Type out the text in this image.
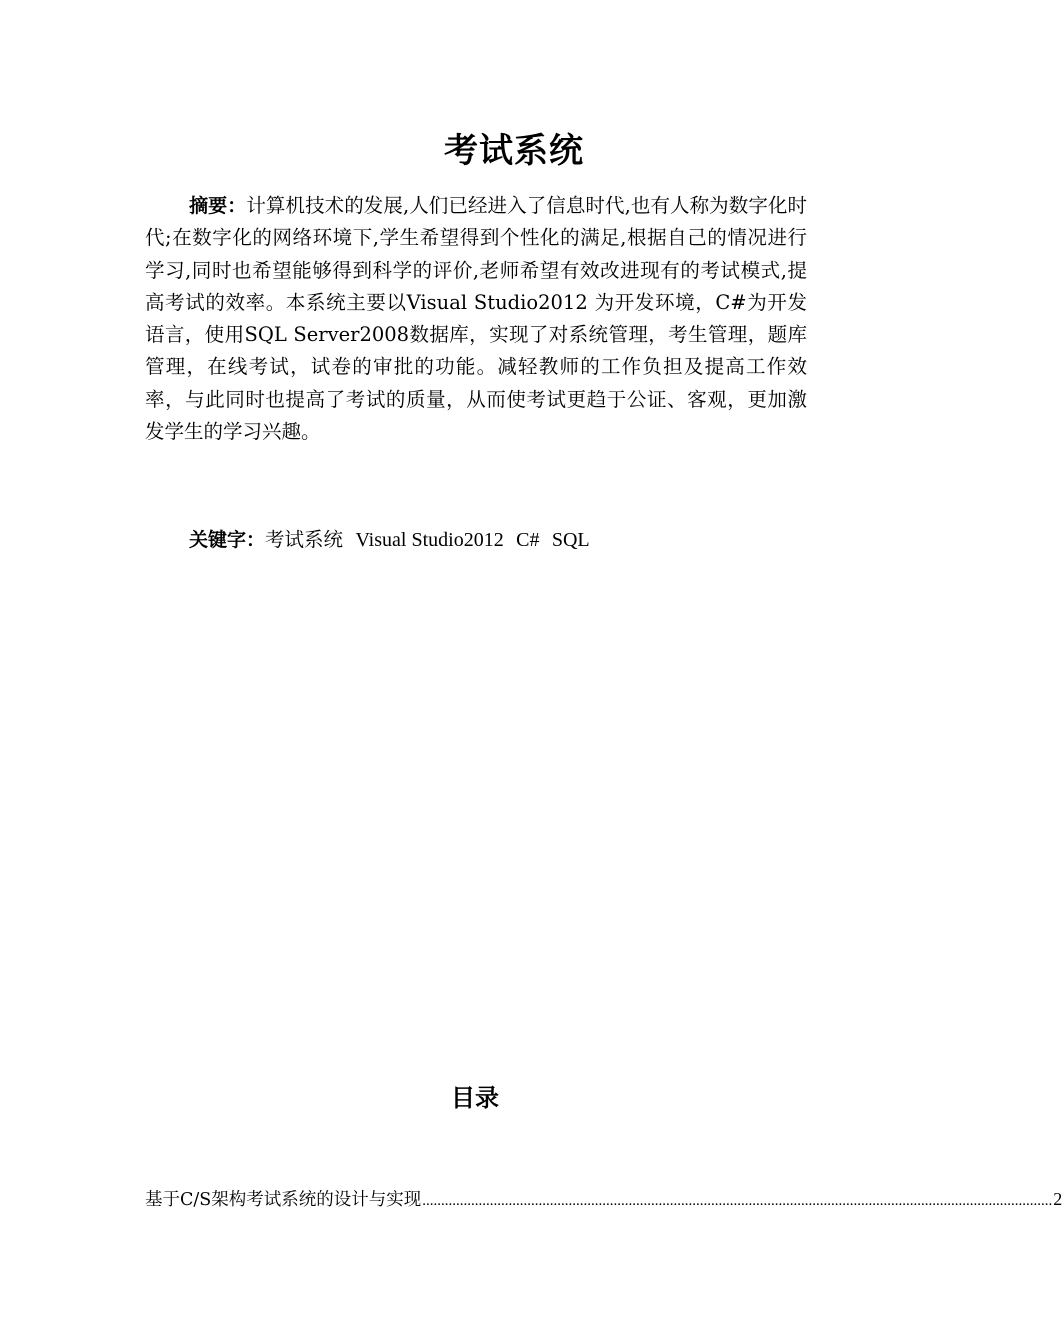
考试系统
摘要：计算机技术的发展,人们已经进入了信息时代,也有人称为数字化时代;在数字化的网络环境下,学生希望得到个性化的满足,根据自己的情况进行学习,同时也希望能够得到科学的评价,老师希望有效改进现有的考试模式,提高考试的效率。本系统主要以Visual Studio2012 为开发环境，C#为开发语言，使用SQL Server2008数据库，实现了对系统管理，考生管理，题库管理，在线考试，试卷的审批的功能。减轻教师的工作负担及提高工作效率，与此同时也提高了考试的质量，从而使考试更趋于公证、客观，更加激发学生的学习兴趣。
关键字：考试系统 Visual Studio2012 C# SQL
目录
基于C/S架构考试系统的设计与实现 ........................................................................................................................................................................ 2
